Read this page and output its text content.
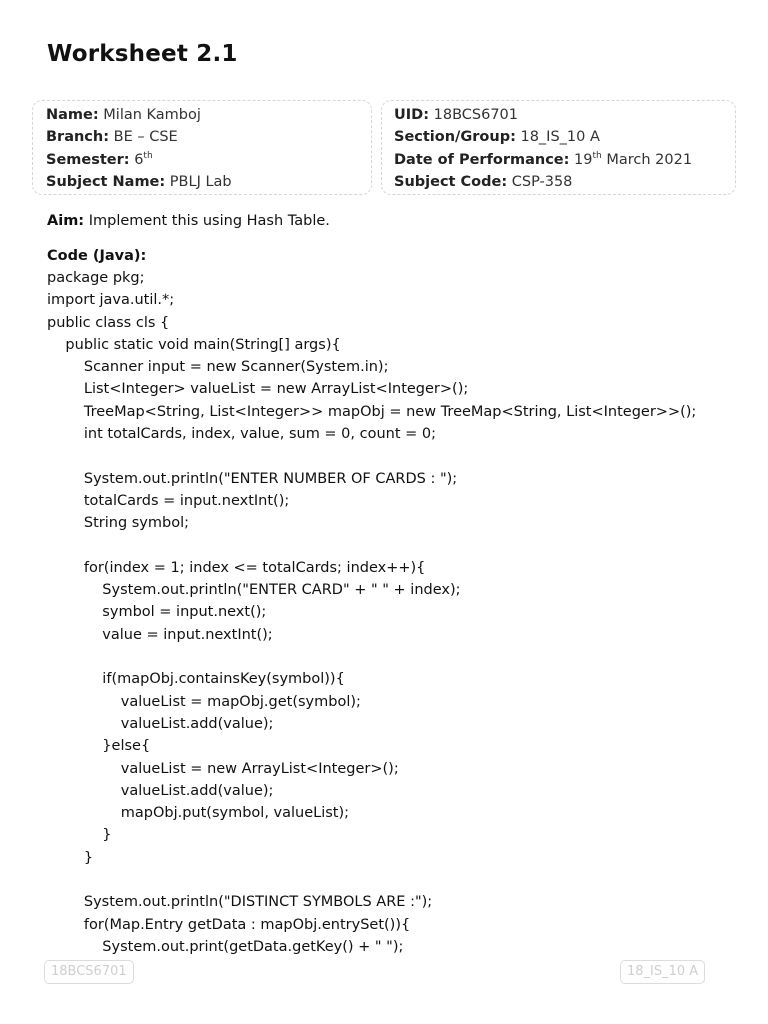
Worksheet 2.1
Name: Milan Kamboj
Branch: BE – CSE
Semester: 6th
Subject Name: PBLJ Lab
UID: 18BCS6701
Section/Group: 18_IS_10 A
Date of Performance: 19th March 2021
Subject Code: CSP-358
Aim: Implement this using Hash Table.
Code (Java):
package pkg;
import java.util.*;
public class cls {
public static void main(String[] args){
Scanner input = new Scanner(System.in);
List<Integer> valueList = new ArrayList<Integer>();
TreeMap<String, List<Integer>> mapObj = new TreeMap<String, List<Integer>>();
int totalCards, index, value, sum = 0, count = 0;
System.out.println("ENTER NUMBER OF CARDS : ");
totalCards = input.nextInt();
String symbol;
for(index = 1; index <= totalCards; index++){
System.out.println("ENTER CARD" + " " + index);
symbol = input.next();
value = input.nextInt();
if(mapObj.containsKey(symbol)){
valueList = mapObj.get(symbol);
valueList.add(value);
}else{
valueList = new ArrayList<Integer>();
valueList.add(value);
mapObj.put(symbol, valueList);
}
}
System.out.println("DISTINCT SYMBOLS ARE :");
for(Map.Entry getData : mapObj.entrySet()){
System.out.print(getData.getKey() + " ");
18BCS6701	18_IS_10 A
